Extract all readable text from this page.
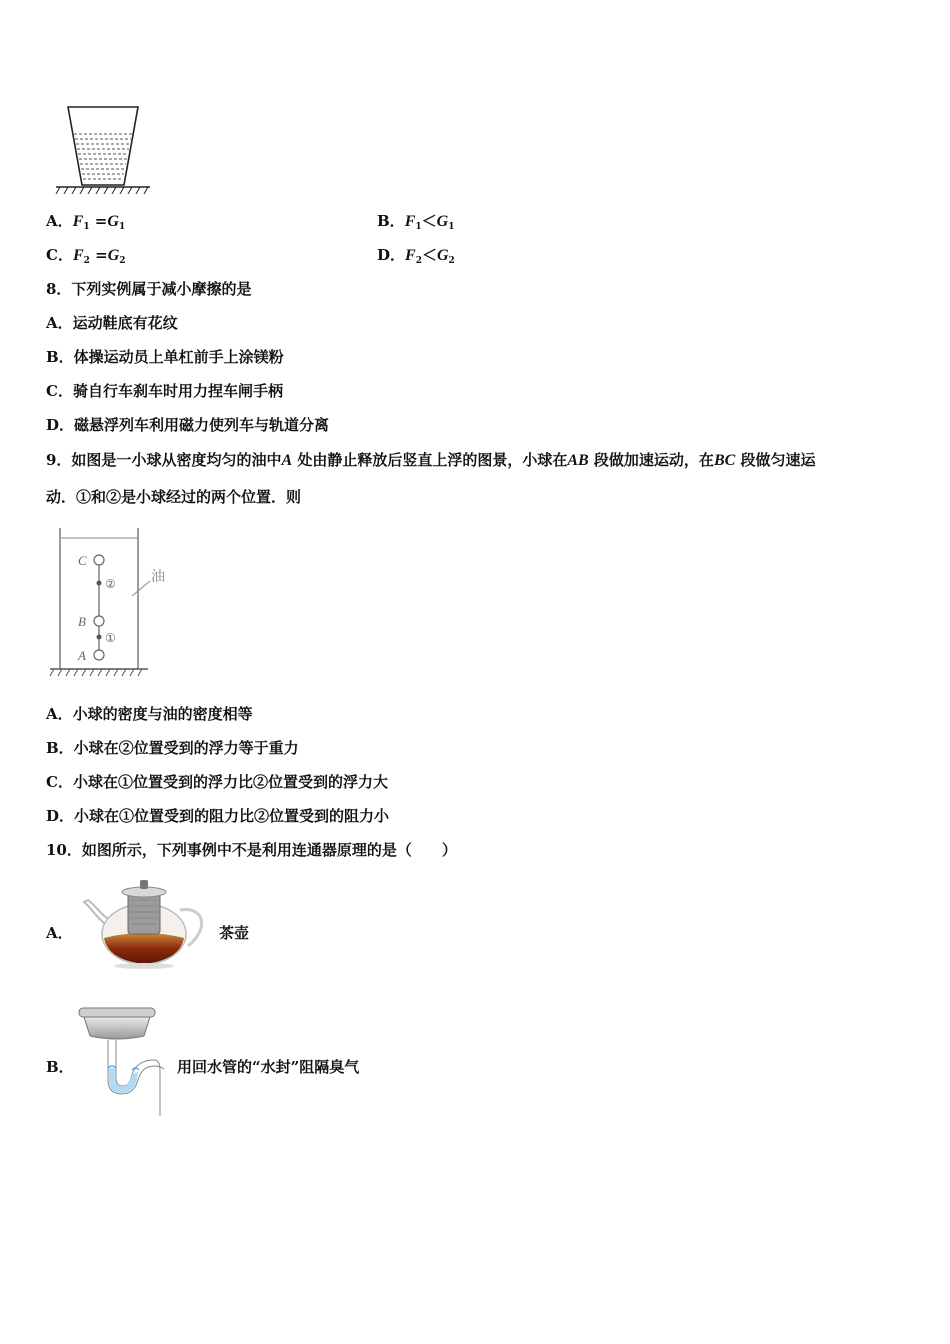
A．$F_1 =G_1$	B．$F_1<G_1$
C．$F_2 =G_2$	D．$F_2<G_2$
8．下列实例属于减小摩擦的是
A．运动鞋底有花纹
B．体操运动员上单杠前手上涂镁粉
C．骑自行车刹车时用力捏车闸手柄
D．磁悬浮列车利用磁力使列车与轨道分离
9．如图是一小球从密度均匀的油中A 处由静止释放后竖直上浮的图景，小球在AB 段做加速运动，在BC 段做匀速运
动．①和②是小球经过的两个位置．则
C
B
A
②
①
油
A．小球的密度与油的密度相等
B．小球在②位置受到的浮力等于重力
C．小球在①位置受到的浮力比②位置受到的浮力大
D．小球在①位置受到的阻力比②位置受到的阻力小
10．如图所示，下列事例中不是利用连通器原理的是（　　）
A．	茶壶
B．	用回水管的“水封”阻隔臭气
